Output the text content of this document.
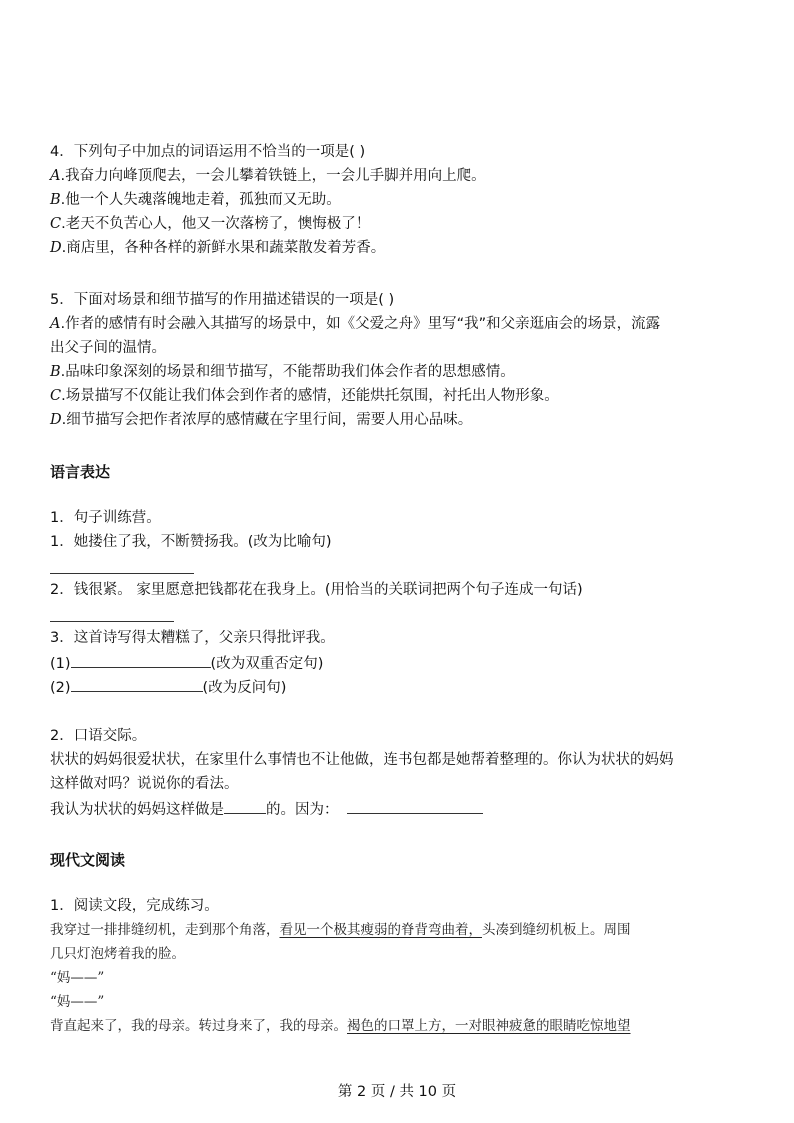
4．下列句子中加点的词语运用不恰当的一项是( )
A.我奋力向峰顶爬去，一会儿攀着铁链上，一会儿手脚并用向上爬。
B.他一个人失魂落魄地走着，孤独而又无助。
C.老天不负苦心人，他又一次落榜了，懊悔极了！
D.商店里，各种各样的新鲜水果和蔬菜散发着芳香。
5．下面对场景和细节描写的作用描述错误的一项是( )
A.作者的感情有时会融入其描写的场景中，如《父爱之舟》里写“我”和父亲逛庙会的场景，流露
出父子间的温情。
B.品味印象深刻的场景和细节描写，不能帮助我们体会作者的思想感情。
C.场景描写不仅能让我们体会到作者的感情，还能烘托氛围，衬托出人物形象。
D.细节描写会把作者浓厚的感情藏在字里行间，需要人用心品味。
语言表达
1．句子训练营。
1．她搂住了我，不断赞扬我。(改为比喻句)
2．钱很紧。 家里愿意把钱都花在我身上。(用恰当的关联词把两个句子连成一句话)
3．这首诗写得太糟糕了，父亲只得批评我。
(1)	(改为双重否定句)
(2)	(改为反问句)
2．口语交际。
状状的妈妈很爱状状，在家里什么事情也不让他做，连书包都是她帮着整理的。你认为状状的妈妈
这样做对吗？说说你的看法。
我认为状状的妈妈这样做是	的。因为：
现代文阅读
1．阅读文段，完成练习。
我穿过一排排缝纫机，走到那个角落，看见一个极其瘦弱的脊背弯曲着，头凑到缝纫机板上。周围
几只灯泡烤着我的脸。
“妈——”
“妈——”
背直起来了，我的母亲。转过身来了，我的母亲。褐色的口罩上方，一对眼神疲惫的眼睛吃惊地望
第 2 页 / 共 10 页
